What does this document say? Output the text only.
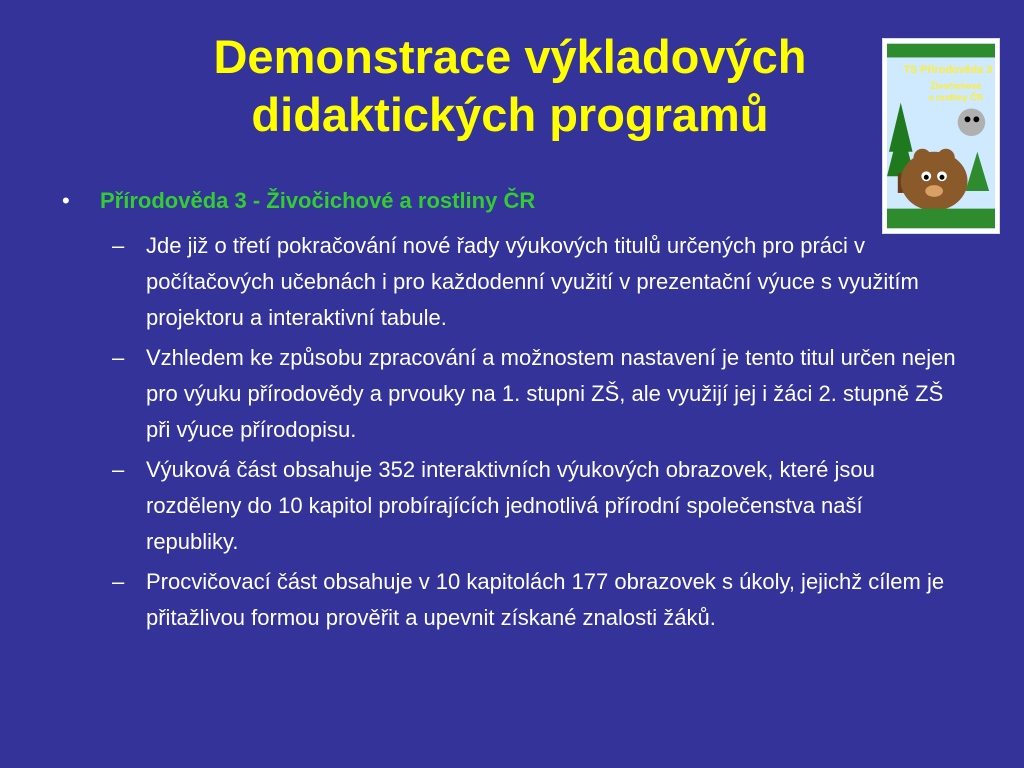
Demonstrace výkladových
didaktických programů
TS Přírodověda 3
Živočichové
a rostliny ČR
• Přírodověda 3 - Živočichové a rostliny ČR
– Jde již o třetí pokračování nové řady výukových titulů určených pro práci v počítačových učebnách i pro každodenní využití v prezentační výuce s využitím projektoru a interaktivní tabule.
– Vzhledem ke způsobu zpracování a možnostem nastavení je tento titul určen nejen pro výuku přírodovědy a prvouky na 1. stupni ZŠ, ale využijí jej i žáci 2. stupně ZŠ při výuce přírodopisu.
– Výuková část obsahuje 352 interaktivních výukových obrazovek, které jsou rozděleny do 10 kapitol probírajících jednotlivá přírodní společenstva naší republiky.
– Procvičovací část obsahuje v 10 kapitolách 177 obrazovek s úkoly, jejichž cílem je přitažlivou formou prověřit a upevnit získané znalosti žáků.
